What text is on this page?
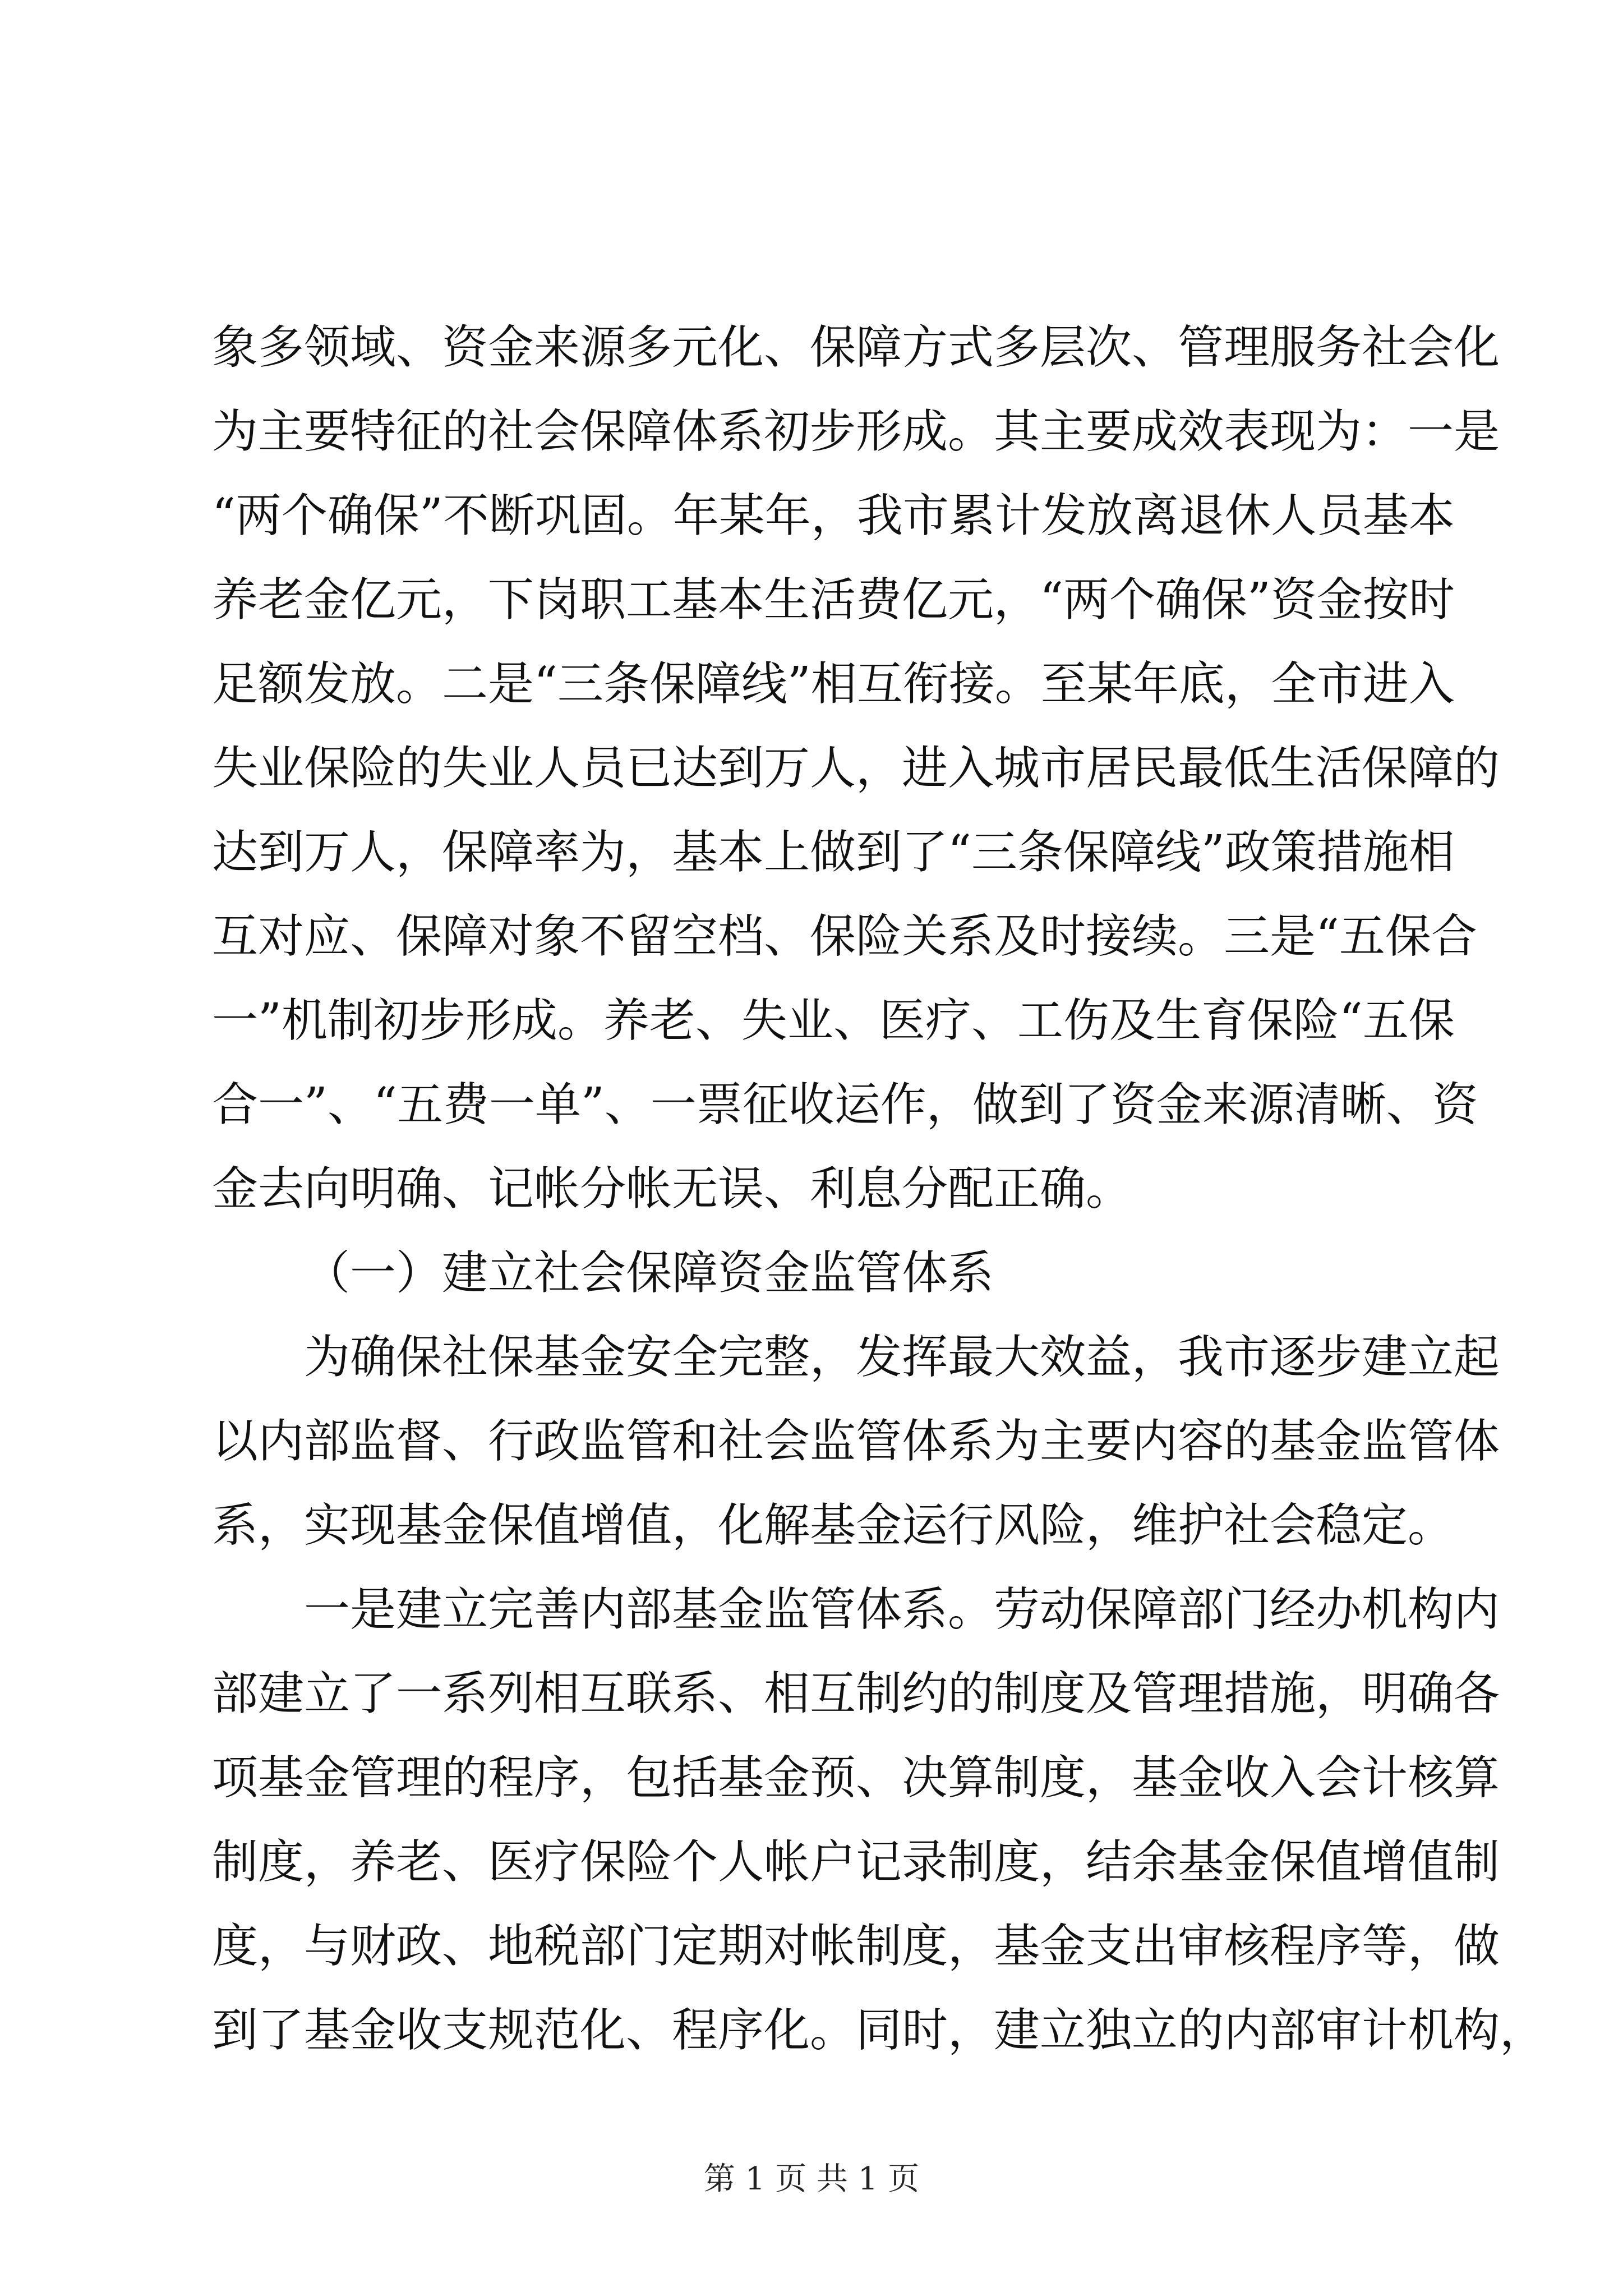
象多领域、资金来源多元化、保障方式多层次、管理服务社会化
为主要特征的社会保障体系初步形成。其主要成效表现为：一是
“两个确保”不断巩固。年某年，我市累计发放离退休人员基本
养老金亿元，下岗职工基本生活费亿元，“两个确保”资金按时
足额发放。二是“三条保障线”相互衔接。至某年底，全市进入
失业保险的失业人员已达到万人，进入城市居民最低生活保障的
达到万人，保障率为，基本上做到了“三条保障线”政策措施相
互对应、保障对象不留空档、保险关系及时接续。三是“五保合
一”机制初步形成。养老、失业、医疗、工伤及生育保险“五保
合一”、“五费一单”、一票征收运作，做到了资金来源清晰、资
金去向明确、记帐分帐无误、利息分配正确。
（一）建立社会保障资金监管体系
为确保社保基金安全完整，发挥最大效益，我市逐步建立起
以内部监督、行政监管和社会监管体系为主要内容的基金监管体
系，实现基金保值增值，化解基金运行风险，维护社会稳定。
一是建立完善内部基金监管体系。劳动保障部门经办机构内
部建立了一系列相互联系、相互制约的制度及管理措施，明确各
项基金管理的程序，包括基金预、决算制度，基金收入会计核算
制度，养老、医疗保险个人帐户记录制度，结余基金保值增值制
度，与财政、地税部门定期对帐制度，基金支出审核程序等，做
到了基金收支规范化、程序化。同时，建立独立的内部审计机构，
第 1 页 共 1 页
